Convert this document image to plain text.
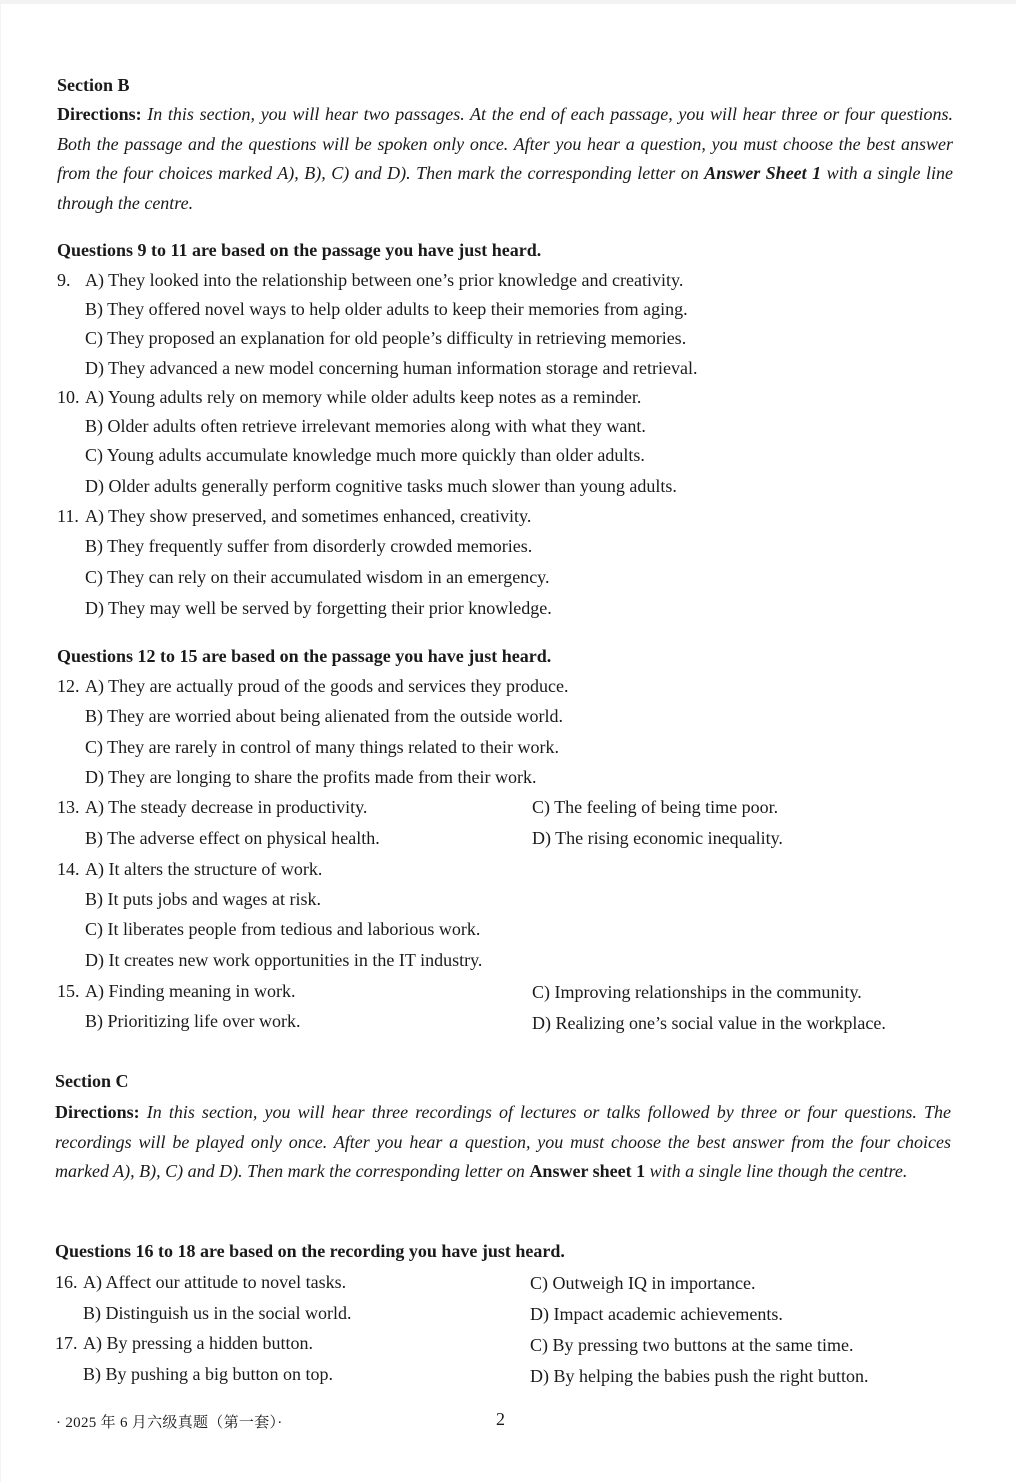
Section B
Directions: In this section, you will hear two passages. At the end of each passage, you will hear three or four questions. Both the passage and the questions will be spoken only once. After you hear a question, you must choose the best answer from the four choices marked A), B), C) and D). Then mark the corresponding letter on Answer Sheet 1 with a single line through the centre.
Questions 9 to 11 are based on the passage you have just heard.
9. A) They looked into the relationship between one’s prior knowledge and creativity.
B) They offered novel ways to help older adults to keep their memories from aging.
C) They proposed an explanation for old people’s difficulty in retrieving memories.
D) They advanced a new model concerning human information storage and retrieval.
10. A) Young adults rely on memory while older adults keep notes as a reminder.
B) Older adults often retrieve irrelevant memories along with what they want.
C) Young adults accumulate knowledge much more quickly than older adults.
D) Older adults generally perform cognitive tasks much slower than young adults.
11. A) They show preserved, and sometimes enhanced, creativity.
B) They frequently suffer from disorderly crowded memories.
C) They can rely on their accumulated wisdom in an emergency.
D) They may well be served by forgetting their prior knowledge.
Questions 12 to 15 are based on the passage you have just heard.
12. A) They are actually proud of the goods and services they produce.
B) They are worried about being alienated from the outside world.
C) They are rarely in control of many things related to their work.
D) They are longing to share the profits made from their work.
13. A) The steady decrease in productivity.	C) The feeling of being time poor.
B) The adverse effect on physical health.	D) The rising economic inequality.
14. A) It alters the structure of work.
B) It puts jobs and wages at risk.
C) It liberates people from tedious and laborious work.
D) It creates new work opportunities in the IT industry.
15. A) Finding meaning in work.	C) Improving relationships in the community.
B) Prioritizing life over work.	D) Realizing one’s social value in the workplace.
Section C
Directions: In this section, you will hear three recordings of lectures or talks followed by three or four questions. The recordings will be played only once. After you hear a question, you must choose the best answer from the four choices marked A), B), C) and D). Then mark the corresponding letter on Answer sheet 1 with a single line though the centre.
Questions 16 to 18 are based on the recording you have just heard.
16. A) Affect our attitude to novel tasks.	C) Outweigh IQ in importance.
B) Distinguish us in the social world.	D) Impact academic achievements.
17. A) By pressing a hidden button.	C) By pressing two buttons at the same time.
B) By pushing a big button on top.	D) By helping the babies push the right button.
· 2025 年 6 月六级真题（第一套）·	2
